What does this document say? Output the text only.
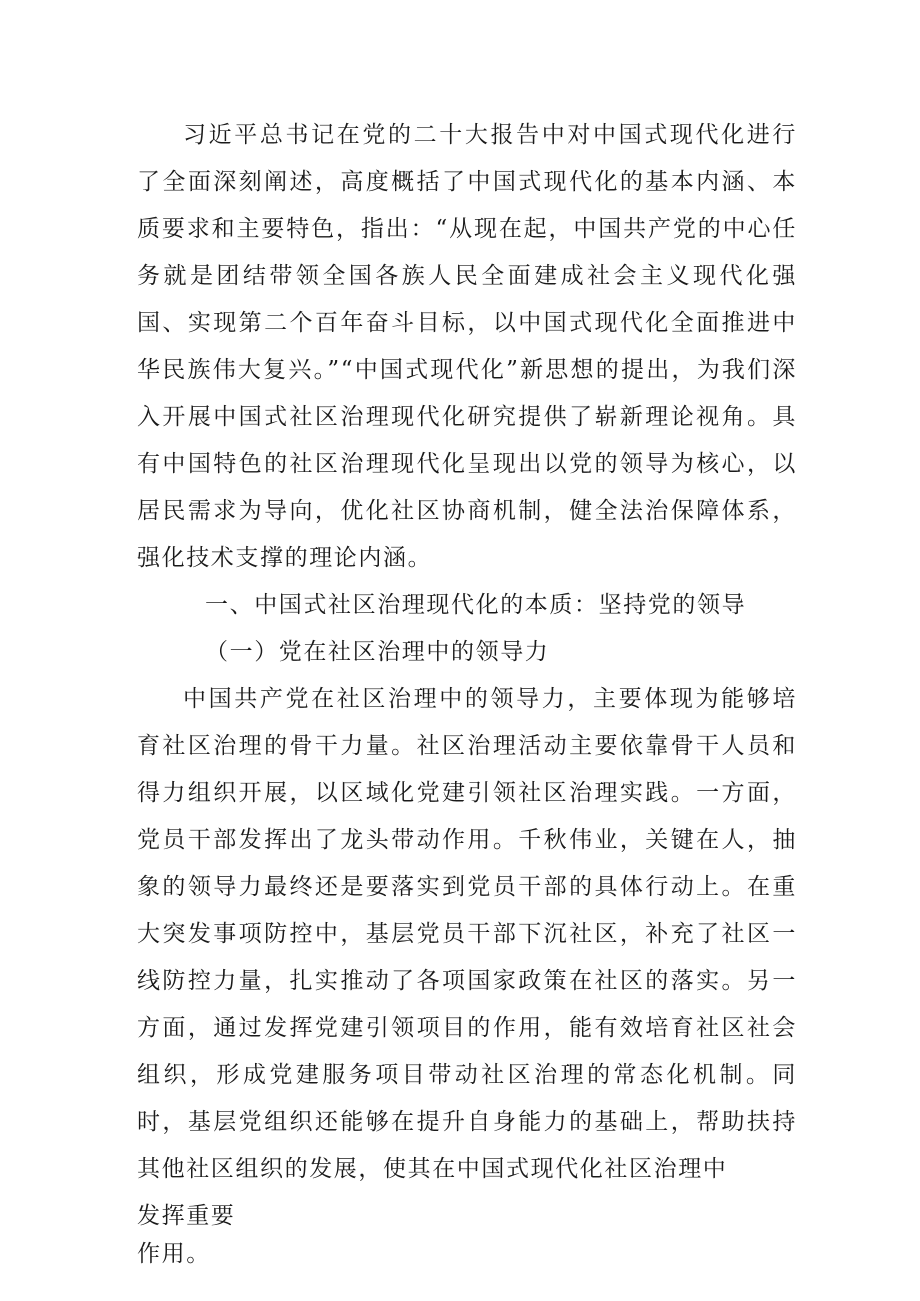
习近平总书记在党的二十大报告中对中国式现代化进行了全面深刻阐述，高度概括了中国式现代化的基本内涵、本质要求和主要特色，指出：“从现在起，中国共产党的中心任务就是团结带领全国各族人民全面建成社会主义现代化强国、实现第二个百年奋斗目标，以中国式现代化全面推进中华民族伟大复兴。”“中国式现代化”新思想的提出，为我们深入开展中国式社区治理现代化研究提供了崭新理论视角。具有中国特色的社区治理现代化呈现出以党的领导为核心，以居民需求为导向，优化社区协商机制，健全法治保障体系，强化技术支撑的理论内涵。

一、中国式社区治理现代化的本质：坚持党的领导

（一）党在社区治理中的领导力

中国共产党在社区治理中的领导力，主要体现为能够培育社区治理的骨干力量。社区治理活动主要依靠骨干人员和得力组织开展，以区域化党建引领社区治理实践。一方面，党员干部发挥出了龙头带动作用。千秋伟业，关键在人，抽象的领导力最终还是要落实到党员干部的具体行动上。在重大突发事项防控中，基层党员干部下沉社区，补充了社区一线防控力量，扎实推动了各项国家政策在社区的落实。另一方面，通过发挥党建引领项目的作用，能有效培育社区社会组织，形成党建服务项目带动社区治理的常态化机制。同时，基层党组织还能够在提升自身能力的基础上，帮助扶持其他社区组织的发展，使其在中国式现代化社区治理中

发挥重要

作用。
